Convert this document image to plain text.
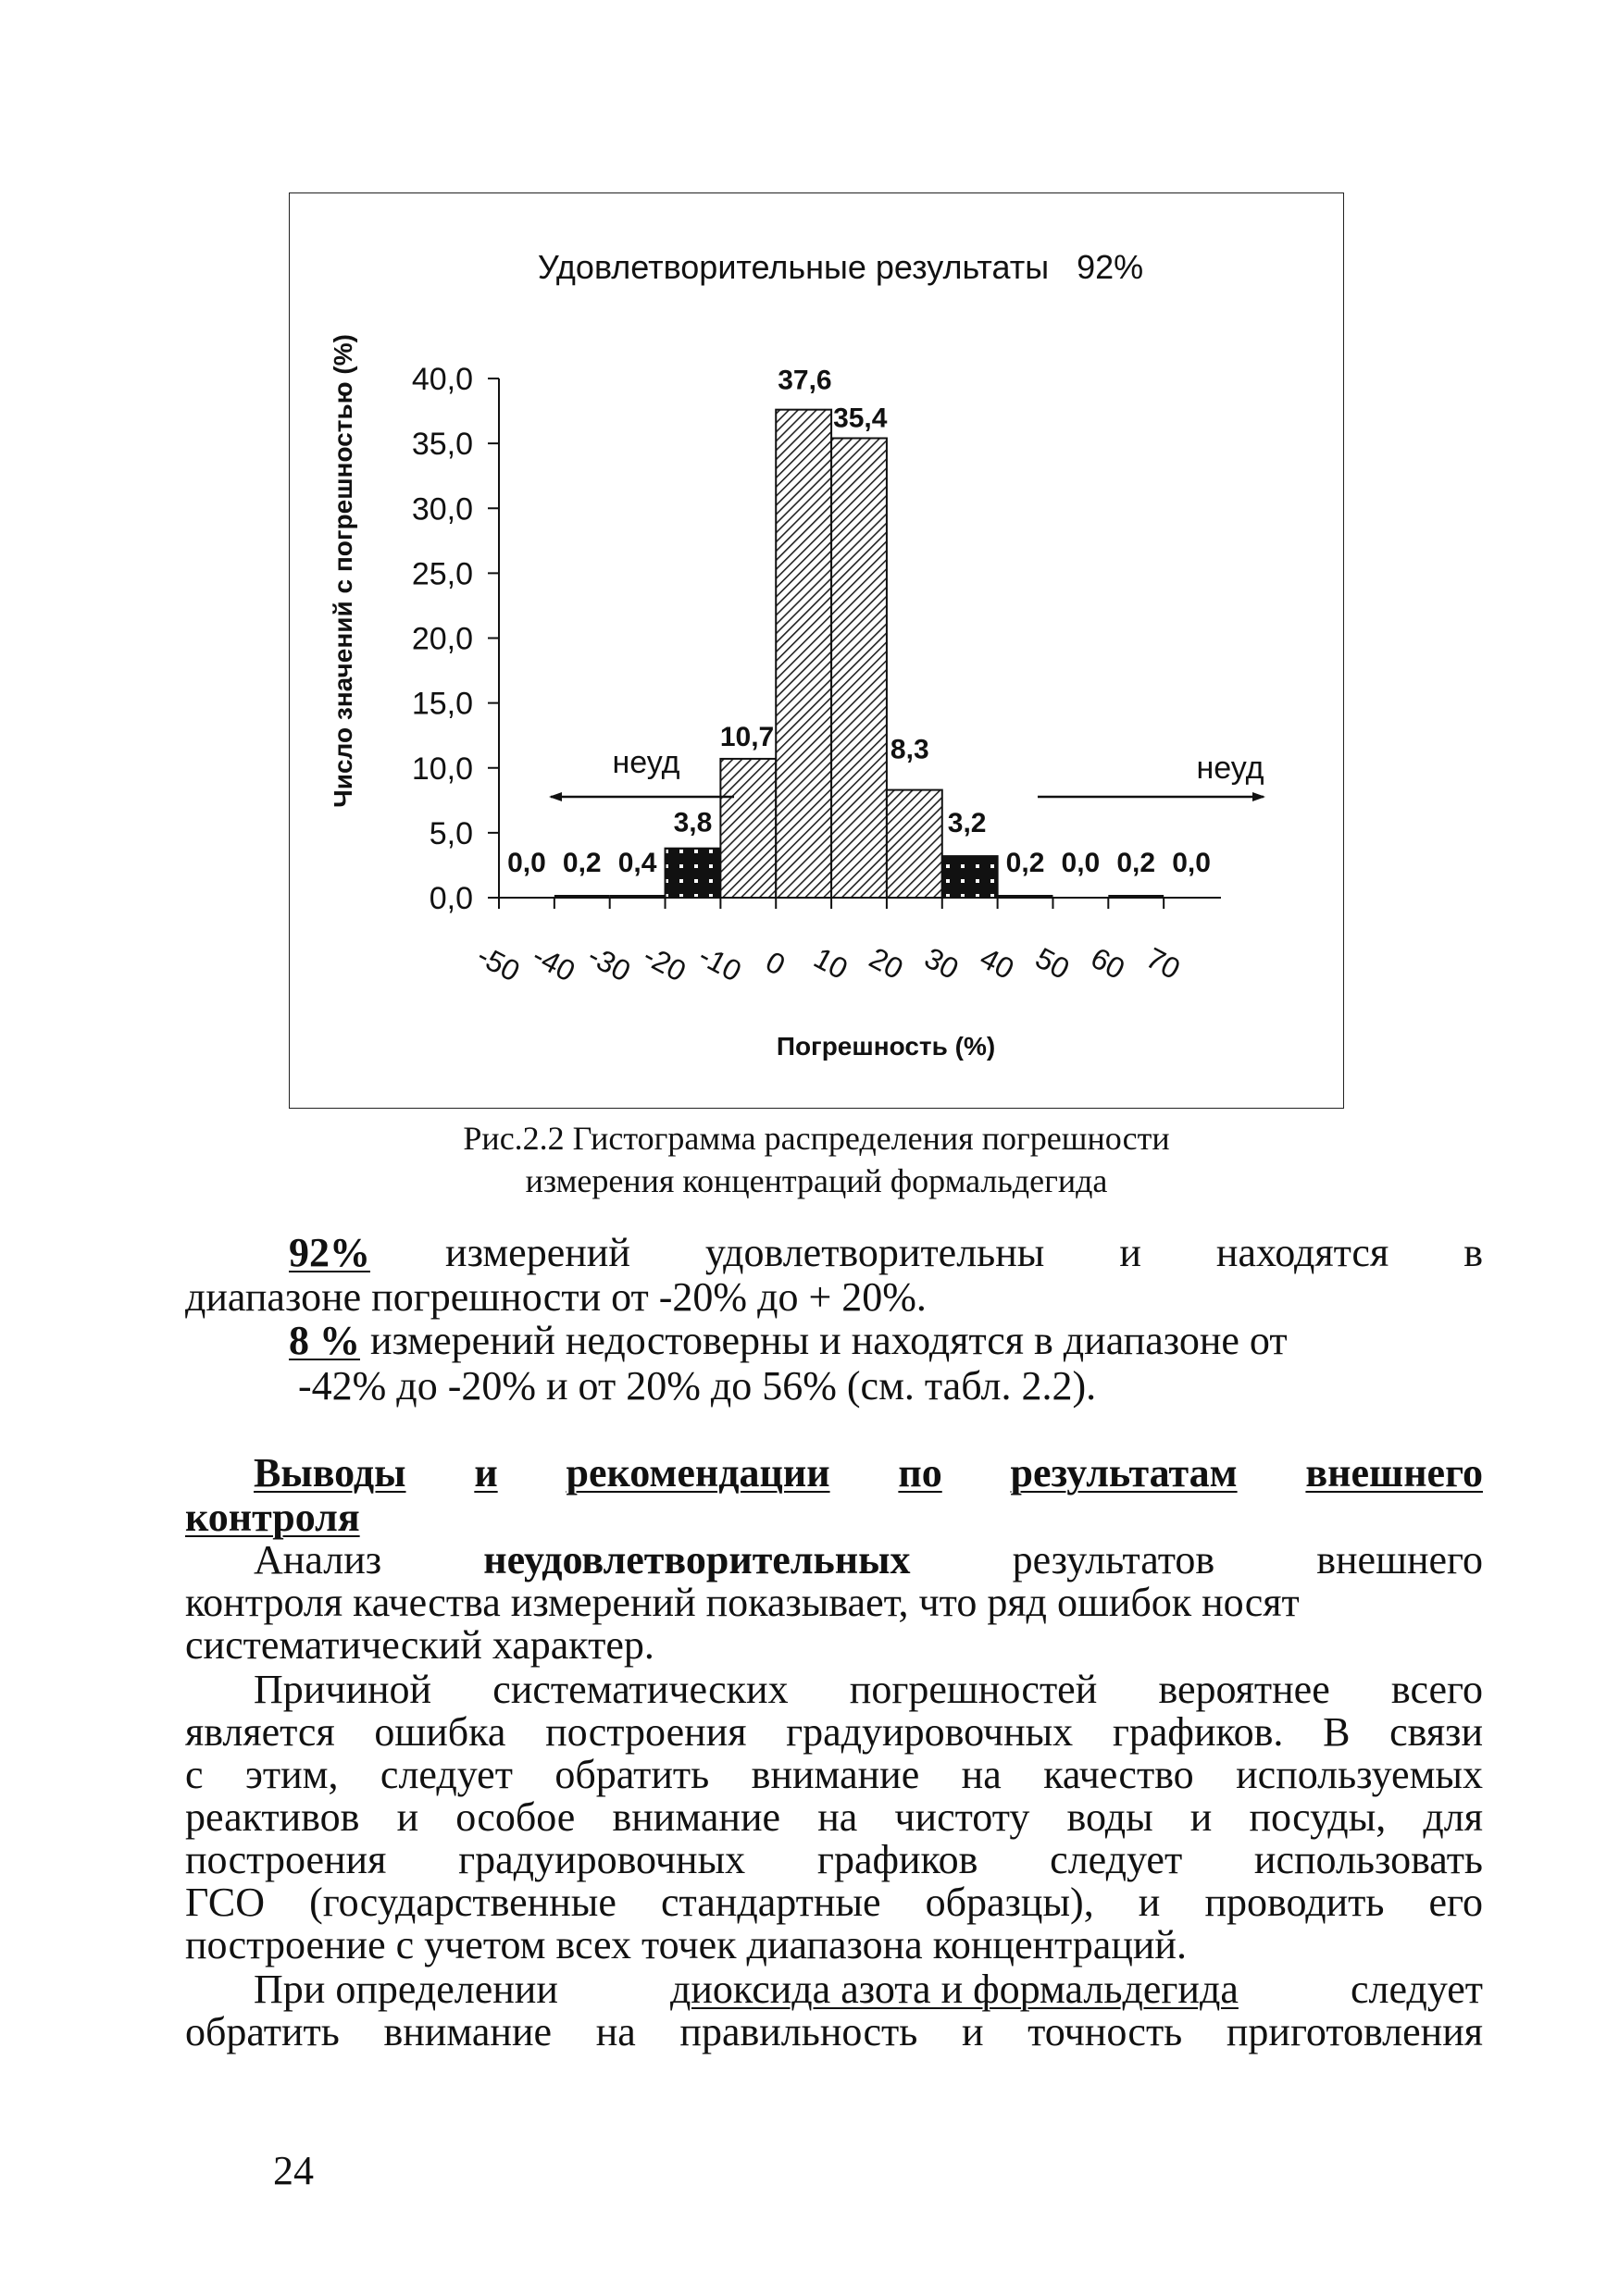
Удовлетворительные результаты   92%
Число значений с погрешностью (%)
Погрешность (%)
0,0
5,0
10,0
15,0
20,0
25,0
30,0
35,0
40,0
-50 -40 -30 -20 -10 0 10 20 30 40 50 60 70
0,0 0,2 0,4
3,8
10,7
37,6
35,4
8,3
3,2
0,2 0,0 0,2 0,0
неуд	неуд
Рис.2.2 Гистограмма распределения погрешности
измерения концентраций формальдегида
92% измерений удовлетворительны и находятся в
диапазоне погрешности от -20% до + 20%.
8 % измерений недостоверны и находятся в диапазоне от
-42% до -20% и от 20% до 56% (см. табл. 2.2).
Выводы и рекомендации по результатам внешнего
контроля
Анализ	неудовлетворительных	результатов	внешнего
контроля качества измерений показывает, что ряд ошибок носят
систематический характер.
Причиной систематических погрешностей вероятнее всего
является ошибка построения градуировочных графиков. В связи
с этим, следует обратить внимание на качество используемых
реактивов и особое внимание на чистоту воды и посуды, для
построения градуировочных графиков следует использовать
ГСО (государственные стандартные образцы), и проводить его
построение с учетом всех точек диапазона концентраций.
При определении	диоксида азота и формальдегида	следует
обратить внимание на правильность и точность приготовления
24
